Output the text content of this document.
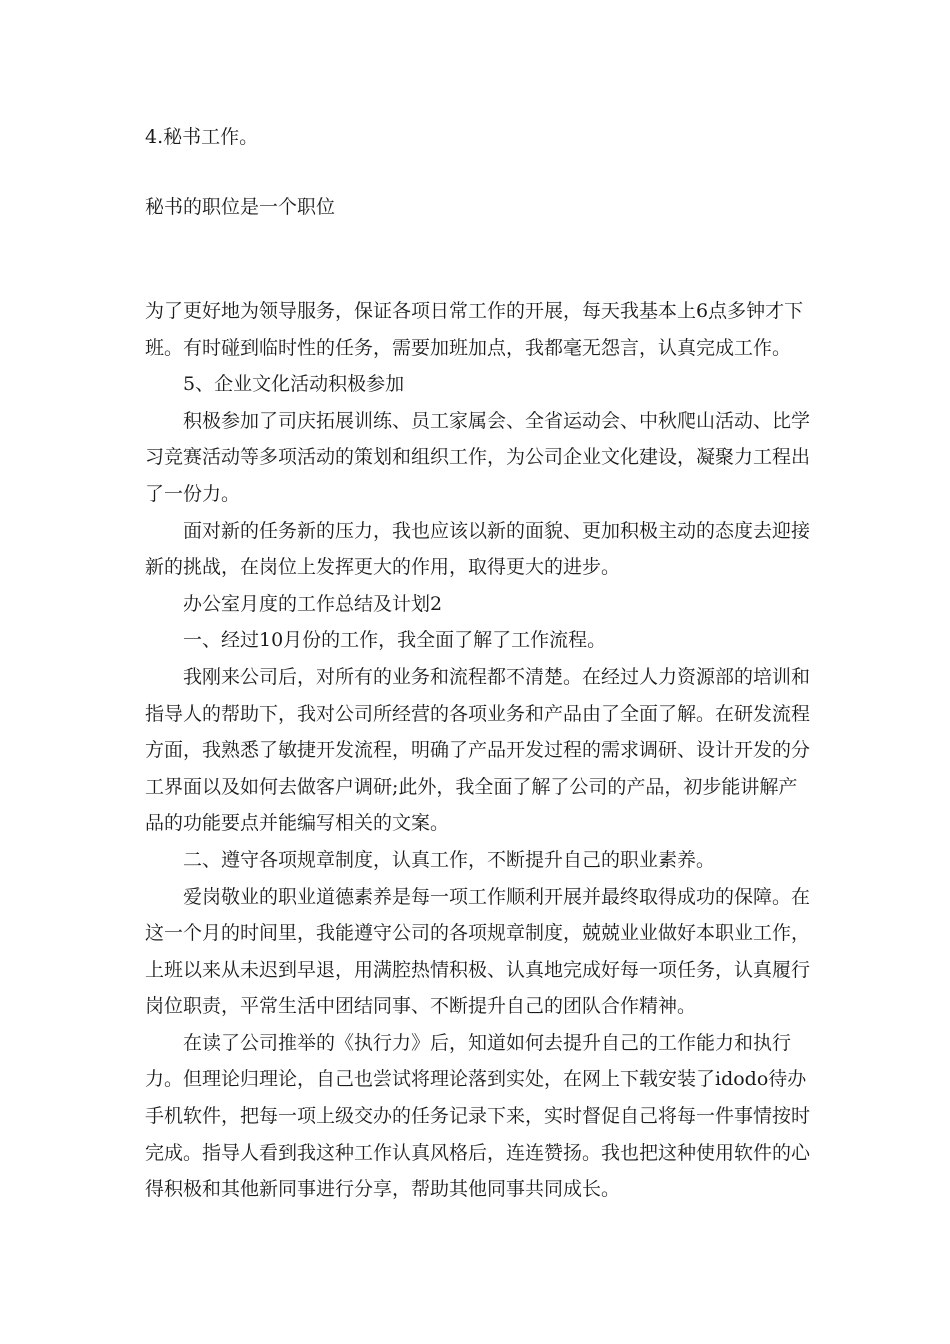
4.秘书工作。
秘书的职位是一个职位

为了更好地为领导服务，保证各项日常工作的开展，每天我基本上6点多钟才下班。有时碰到临时性的任务，需要加班加点，我都毫无怨言，认真完成工作。

5、企业文化活动积极参加

积极参加了司庆拓展训练、员工家属会、全省运动会、中秋爬山活动、比学习竞赛活动等多项活动的策划和组织工作，为公司企业文化建设，凝聚力工程出了一份力。

面对新的任务新的压力，我也应该以新的面貌、更加积极主动的态度去迎接新的挑战，在岗位上发挥更大的作用，取得更大的进步。

办公室月度的工作总结及计划2

一、经过10月份的工作，我全面了解了工作流程。

我刚来公司后，对所有的业务和流程都不清楚。在经过人力资源部的培训和指导人的帮助下，我对公司所经营的各项业务和产品由了全面了解。在研发流程方面，我熟悉了敏捷开发流程，明确了产品开发过程的需求调研、设计开发的分工界面以及如何去做客户调研;此外，我全面了解了公司的产品，初步能讲解产品的功能要点并能编写相关的文案。

二、遵守各项规章制度，认真工作，不断提升自己的职业素养。

爱岗敬业的职业道德素养是每一项工作顺利开展并最终取得成功的保障。在这一个月的时间里，我能遵守公司的各项规章制度，兢兢业业做好本职业工作，上班以来从未迟到早退，用满腔热情积极、认真地完成好每一项任务，认真履行岗位职责，平常生活中团结同事、不断提升自己的团队合作精神。

在读了公司推举的《执行力》后，知道如何去提升自己的工作能力和执行力。但理论归理论，自己也尝试将理论落到实处，在网上下载安装了idodo待办手机软件，把每一项上级交办的任务记录下来，实时督促自己将每一件事情按时完成。指导人看到我这种工作认真风格后，连连赞扬。我也把这种使用软件的心得积极和其他新同事进行分享，帮助其他同事共同成长。
